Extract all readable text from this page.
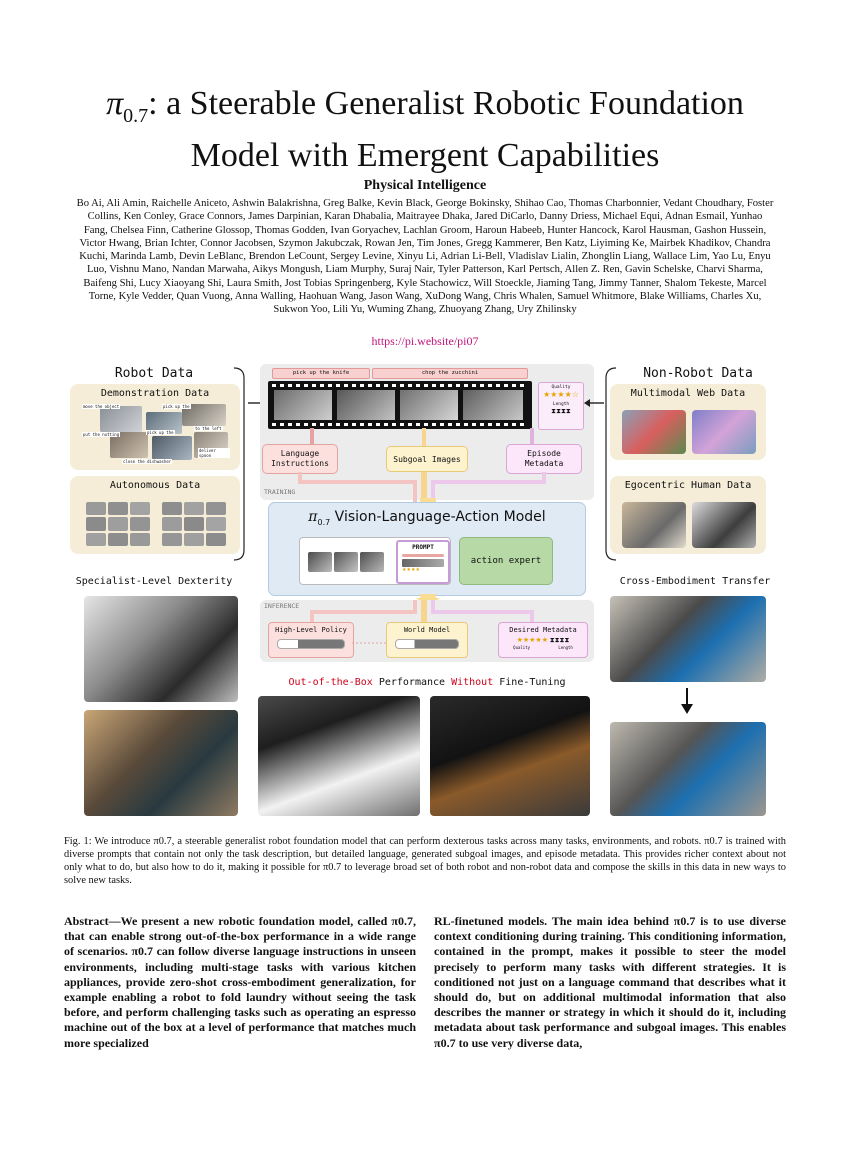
$\pi_{0.7}$: a Steerable Generalist Robotic Foundation
Model with Emergent Capabilities
Physical Intelligence
Bo Ai, Ali Amin, Raichelle Aniceto, Ashwin Balakrishna, Greg Balke, Kevin Black, George Bokinsky, Shihao Cao, Thomas Charbonnier, Vedant Choudhary, Foster Collins, Ken Conley, Grace Connors, James Darpinian, Karan Dhabalia, Maitrayee Dhaka, Jared DiCarlo, Danny Driess, Michael Equi, Adnan Esmail, Yunhao Fang, Chelsea Finn, Catherine Glossop, Thomas Godden, Ivan Goryachev, Lachlan Groom, Haroun Habeeb, Hunter Hancock, Karol Hausman, Gashon Hussein, Victor Hwang, Brian Ichter, Connor Jacobsen, Szymon Jakubczak, Rowan Jen, Tim Jones, Gregg Kammerer, Ben Katz, Liyiming Ke, Mairbek Khadikov, Chandra Kuchi, Marinda Lamb, Devin LeBlanc, Brendon LeCount, Sergey Levine, Xinyu Li, Adrian Li-Bell, Vladislav Lialin, Zhonglin Liang, Wallace Lim, Yao Lu, Enyu Luo, Vishnu Mano, Nandan Marwaha, Aikys Mongush, Liam Murphy, Suraj Nair, Tyler Patterson, Karl Pertsch, Allen Z. Ren, Gavin Schelske, Charvi Sharma, Baifeng Shi, Lucy Xiaoyang Shi, Laura Smith, Jost Tobias Springenberg, Kyle Stachowicz, Will Stoeckle, Jiaming Tang, Jimmy Tanner, Shalom Tekeste, Marcel Torne, Kyle Vedder, Quan Vuong, Anna Walling, Haohuan Wang, Jason Wang, XuDong Wang, Chris Whalen, Samuel Whitmore, Blake Williams, Charles Xu, Sukwon Yoo, Lili Yu, Wuming Zhang, Zhuoyang Zhang, Ury Zhilinsky
https://pi.website/pi07
Robot Data
Demonstration Data
move the object	pick up the
put the nutting
to the left
pick up the
deliver spoon
close the dishwasher
Autonomous Data
pick up the knife	chop the zucchini
Quality
★★★★☆
Length
⧗⧗⧗⧗
Language
Instructions	Subgoal Images
Episode
Metadata
TRAINING
$\pi_{0.7}$ Vision-Language-Action Model
PROMPT
★★★★
action expert
INFERENCE
High-Level Policy	World Model	Desired Metadata
★★★★★ ⧗⧗⧗⧗
Quality	Length
Non-Robot Data
Multimodal Web Data
Egocentric Human Data
Specialist-Level Dexterity
Out-of-the-Box Performance Without Fine-Tuning
Cross-Embodiment Transfer
Fig. 1: We introduce π0.7, a steerable generalist robot foundation model that can perform dexterous tasks across many tasks, environments, and robots. π0.7 is trained with diverse prompts that contain not only the task description, but detailed language, generated subgoal images, and episode metadata. This provides richer context about not only what to do, but also how to do it, making it possible for π0.7 to leverage broad set of both robot and non-robot data and compose the skills in this data in new ways to solve new tasks.
Abstract—We present a new robotic foundation model, called π0.7, that can enable strong out-of-the-box performance in a wide range of scenarios. π0.7 can follow diverse language instructions in unseen environments, including multi-stage tasks with various kitchen appliances, provide zero-shot cross-embodiment generalization, for example enabling a robot to fold laundry without seeing the task before, and perform challenging tasks such as operating an espresso machine out of the box at a level of performance that matches much more specialized
RL-finetuned models. The main idea behind π0.7 is to use diverse context conditioning during training. This conditioning information, contained in the prompt, makes it possible to steer the model precisely to perform many tasks with different strategies. It is conditioned not just on a language command that describes what it should do, but on additional multimodal information that also describes the manner or strategy in which it should do it, including metadata about task performance and subgoal images. This enables π0.7 to use very diverse data,
